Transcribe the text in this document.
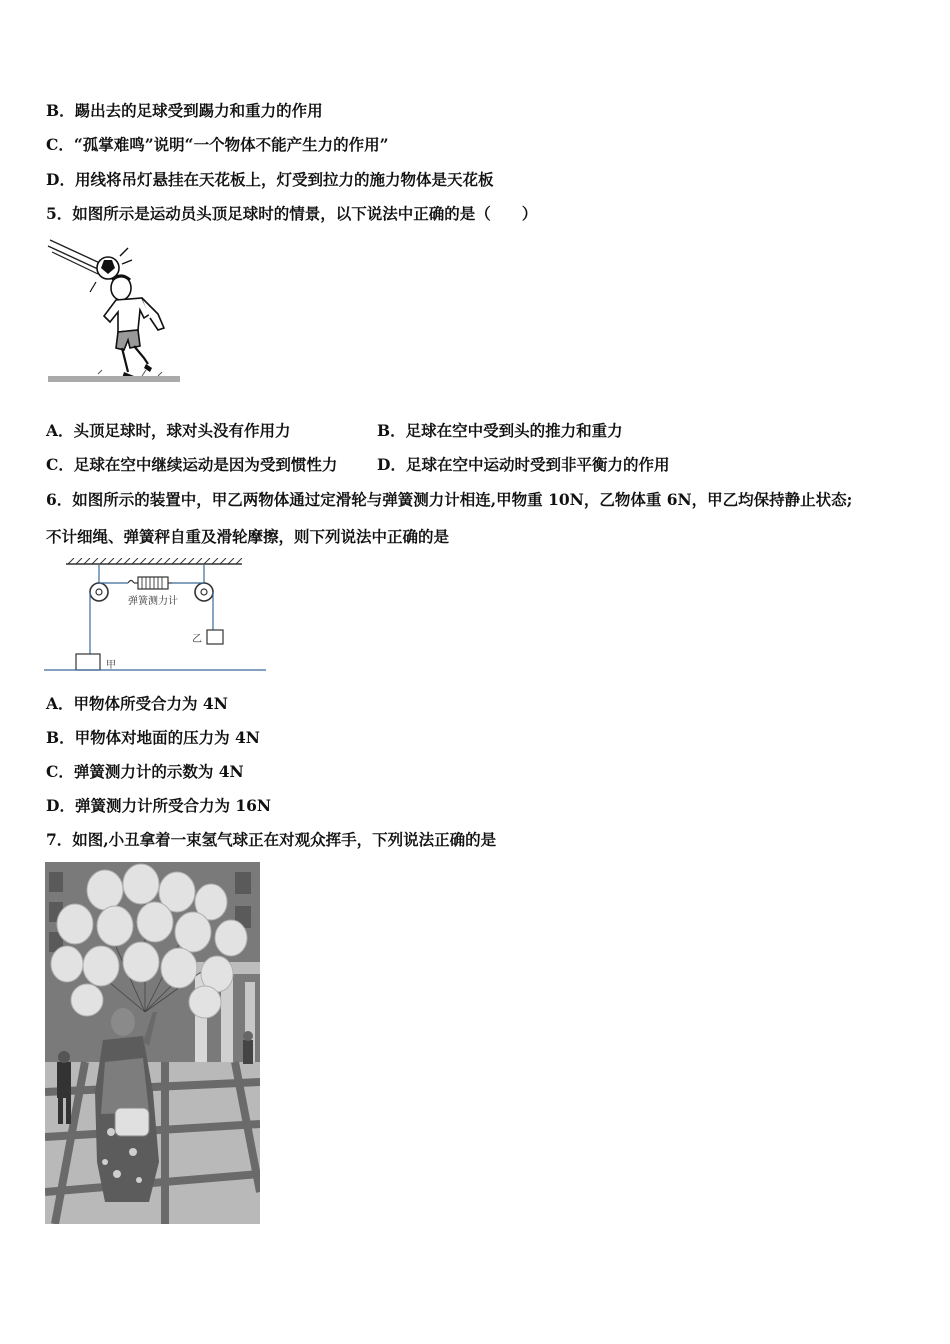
B．踢出去的足球受到踢力和重力的作用
C．“孤掌难鸣”说明“一个物体不能产生力的作用”
D．用线将吊灯悬挂在天花板上，灯受到拉力的施力物体是天花板
5．如图所示是运动员头顶足球时的情景，以下说法中正确的是（　　）
A．头顶足球时，球对头没有作用力	B．足球在空中受到头的推力和重力
C．足球在空中继续运动是因为受到惯性力	D．足球在空中运动时受到非平衡力的作用
6．如图所示的装置中，甲乙两物体通过定滑轮与弹簧测力计相连,甲物重 10N，乙物体重 6N，甲乙均保持静止状态;
不计细绳、弹簧秤自重及滑轮摩擦，则下列说法中正确的是
弹簧测力计
乙
甲
A．甲物体所受合力为 4N
B．甲物体对地面的压力为 4N
C．弹簧测力计的示数为 4N
D．弹簧测力计所受合力为 16N
7．如图,小丑拿着一束氢气球正在对观众挥手，下列说法正确的是
